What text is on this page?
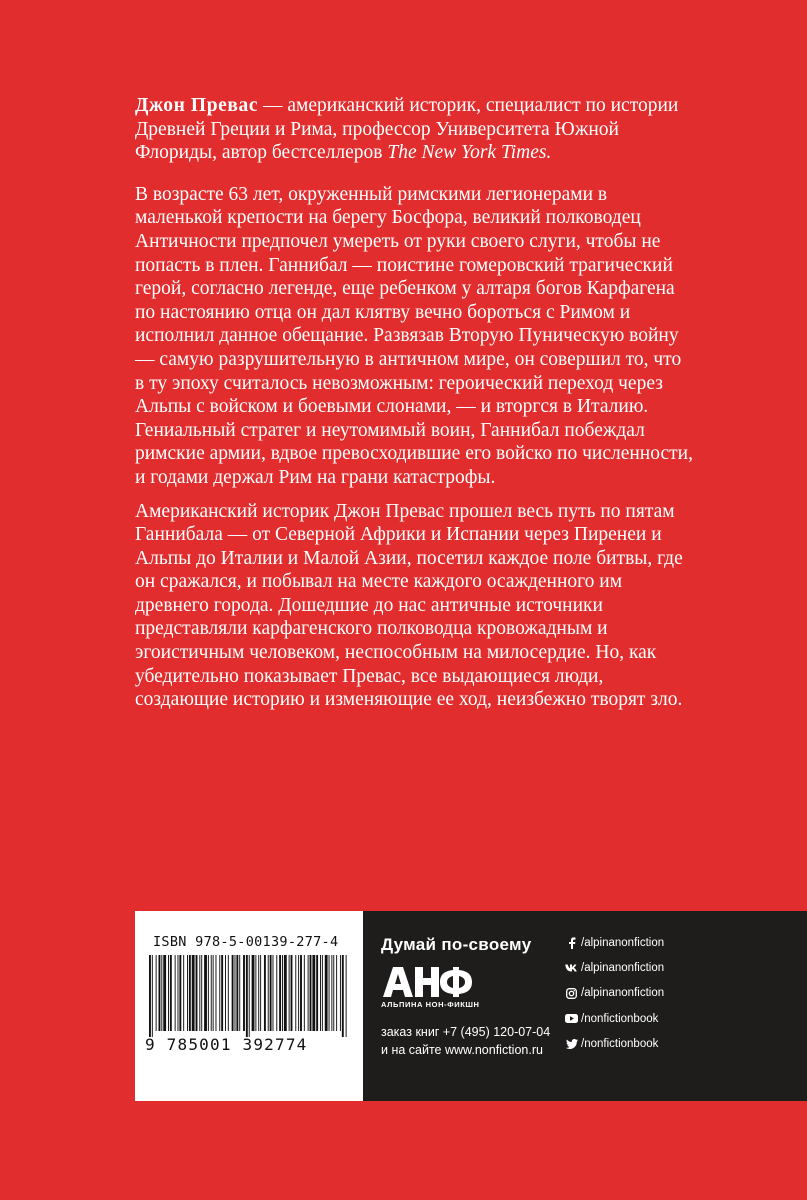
Джон Превас — американский историк, специалист по истории Древней Греции и Рима, профессор Университета Южной Флориды, автор бестселлеров The New York Times.

В возрасте 63 лет, окруженный римскими легионерами в маленькой крепости на берегу Босфора, великий полководец Античности предпочел умереть от руки своего слуги, чтобы не попасть в плен. Ганнибал — поистине гомеровский трагический герой, согласно легенде, еще ребенком у алтаря богов Карфагена по настоянию отца он дал клятву вечно бороться с Римом и исполнил данное обещание. Развязав Вторую Пуническую войну — самую разрушительную в античном мире, он совершил то, что в ту эпоху считалось невозможным: героический переход через Альпы с войском и боевыми слонами, — и вторгся в Италию. Гениальный стратег и неутомимый воин, Ганнибал побеждал римские армии, вдвое превосходившие его войско по численности, и годами держал Рим на грани катастрофы.

Американский историк Джон Превас прошел весь путь по пятам Ганнибала — от Северной Африки и Испании через Пиренеи и Альпы до Италии и Малой Азии, посетил каждое поле битвы, где он сражался, и побывал на месте каждого осажденного им древнего города. Дошедшие до нас античные источники представляли карфагенского полководца кровожадным и эгоистичным человеком, неспособным на милосердие. Но, как убедительно показывает Превас, все выдающиеся люди, создающие историю и изменяющие ее ход, неизбежно творят зло.

ISBN 978-5-00139-277-4
9 785001 392774
Думай по-своему
АЛЬПИНА НОН-ФИКШН
заказ книг +7 (495) 120-07-04
и на сайте www.nonfiction.ru
/alpinanonfiction
/alpinanonfiction
/alpinanonfiction
/nonfictionbook
/nonfictionbook
